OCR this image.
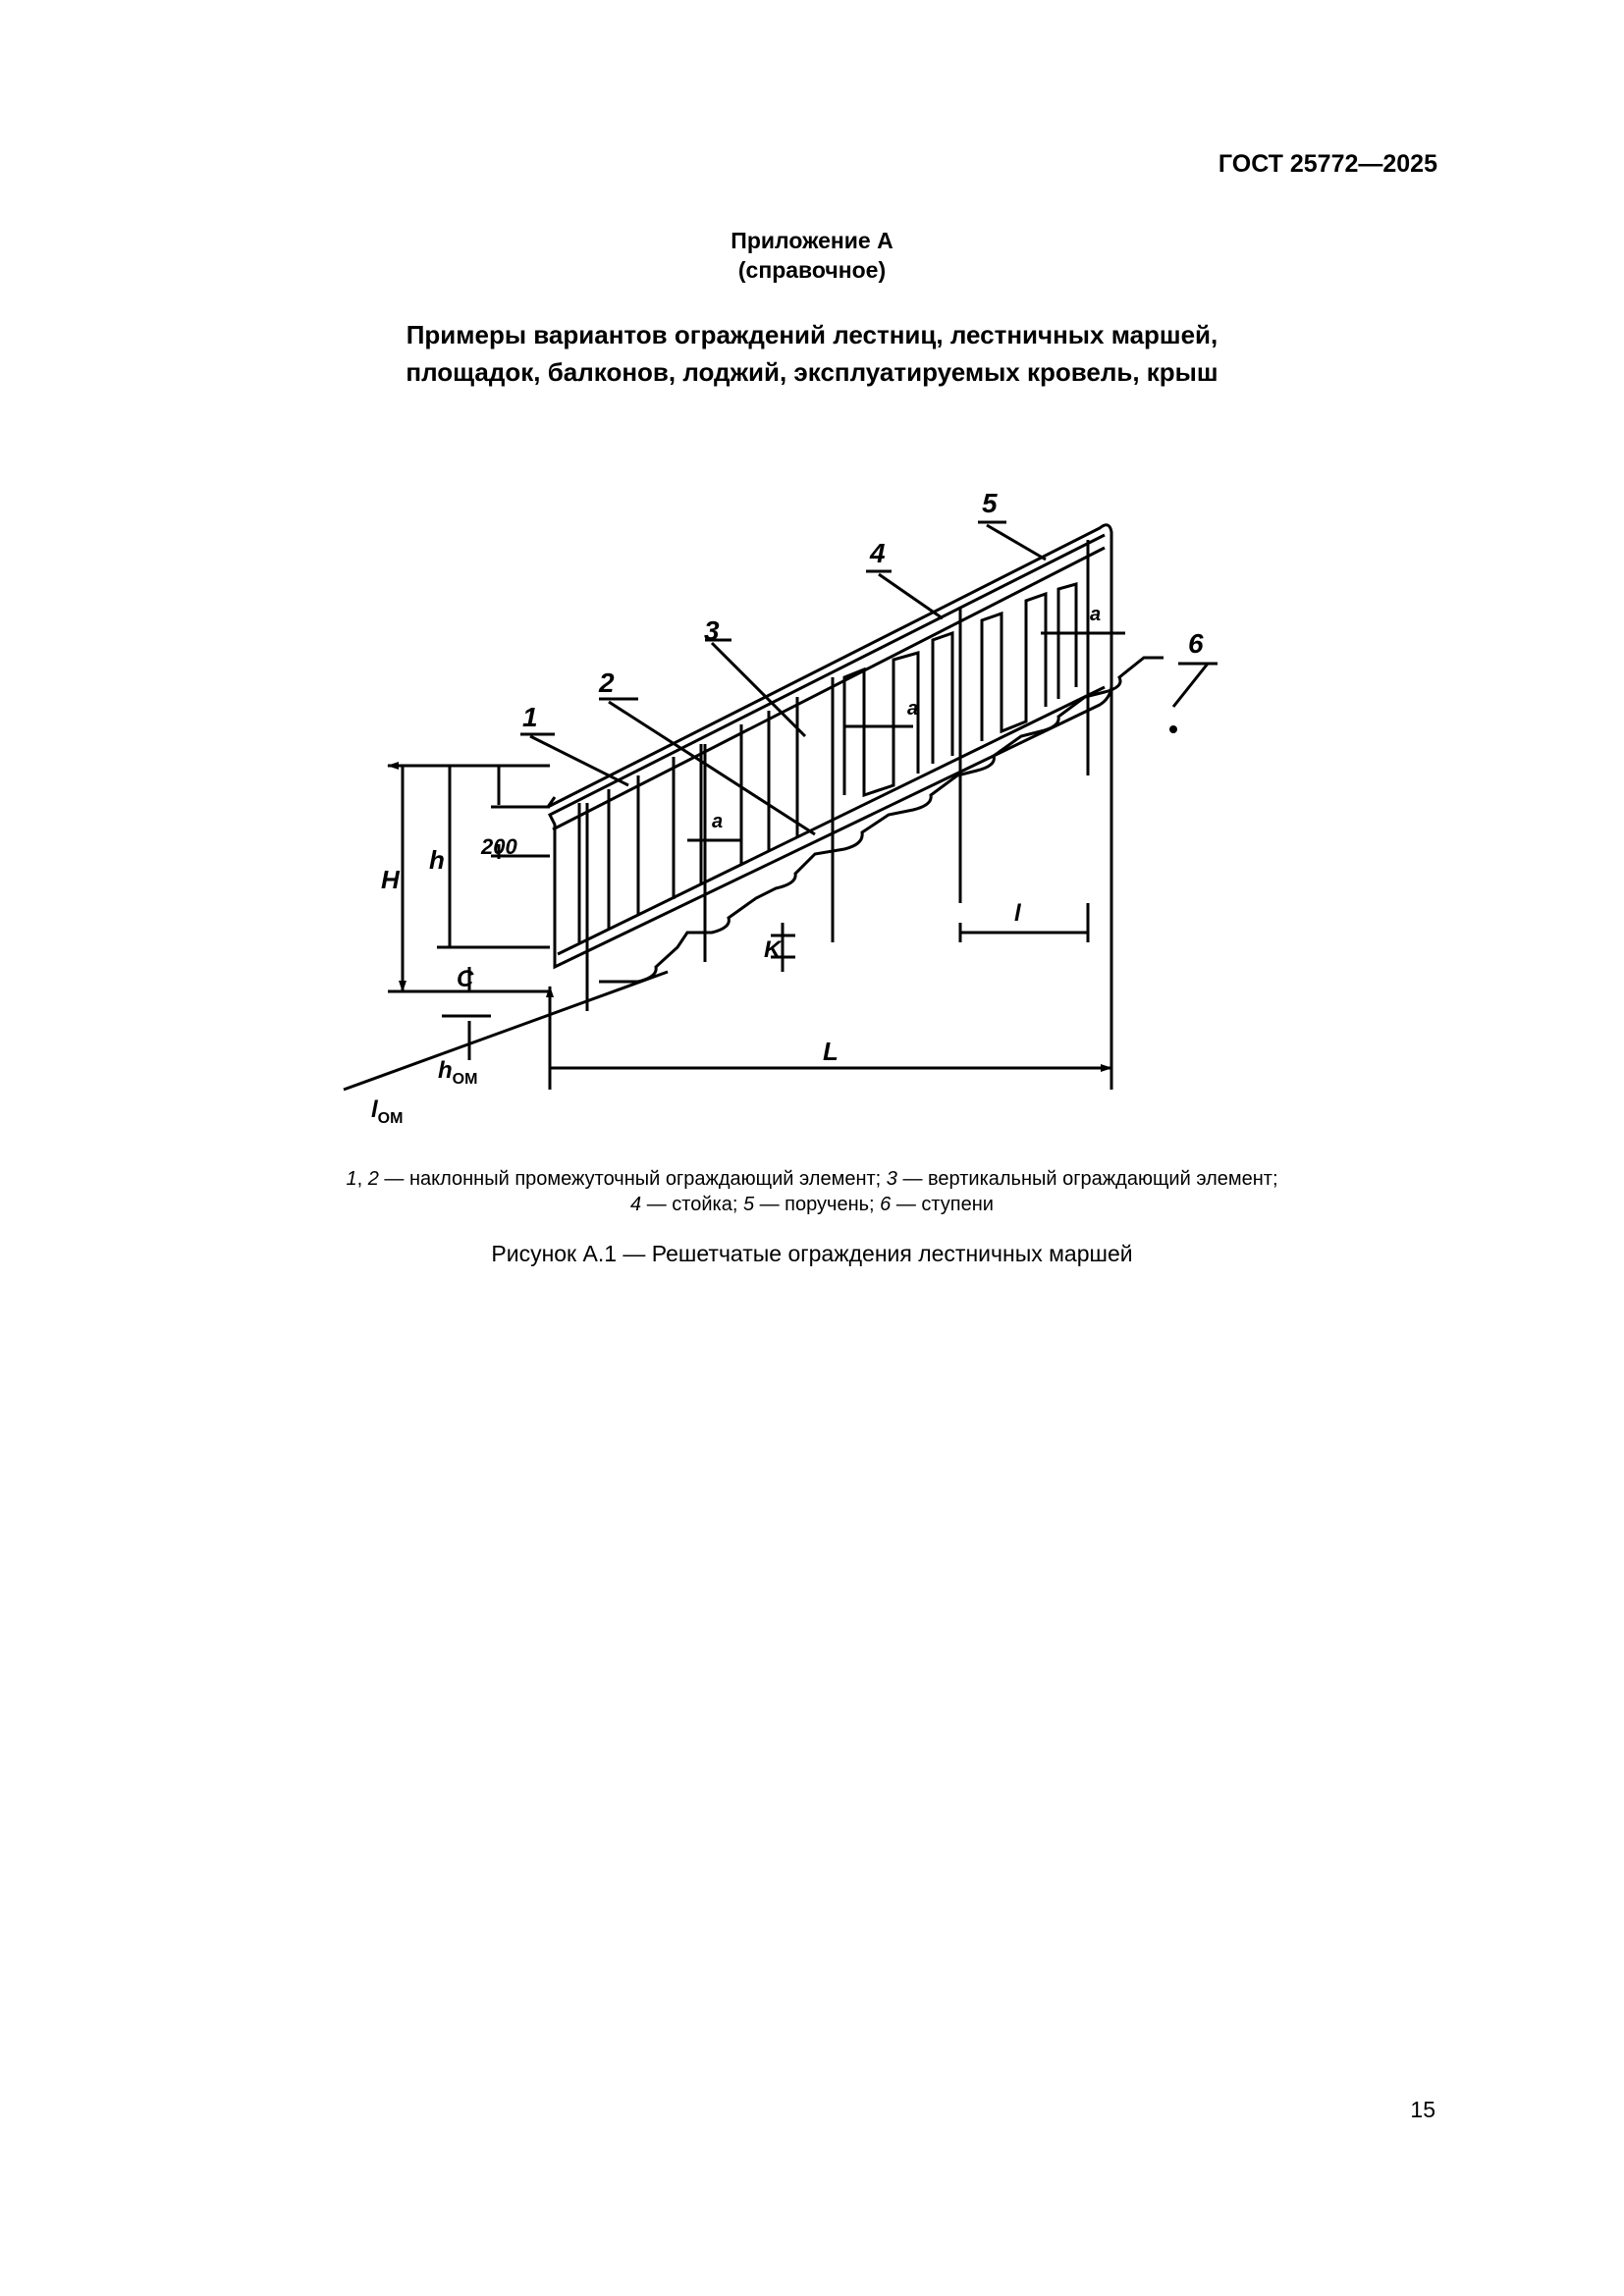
ГОСТ 25772—2025
Приложение А
(справочное)
Примеры вариантов ограждений лестниц, лестничных маршей,
площадок, балконов, лоджий, эксплуатируемых кровель, крыш
1
2
3
4
5
6
H
h 200
C
K
a
a
a
l
L
$h_{ОМ}$
$l_{ОМ}$
1, 2 — наклонный промежуточный ограждающий элемент; 3 — вертикальный ограждающий элемент;
4 — стойка; 5 — поручень; 6 — ступени
Рисунок А.1 — Решетчатые ограждения лестничных маршей
15
